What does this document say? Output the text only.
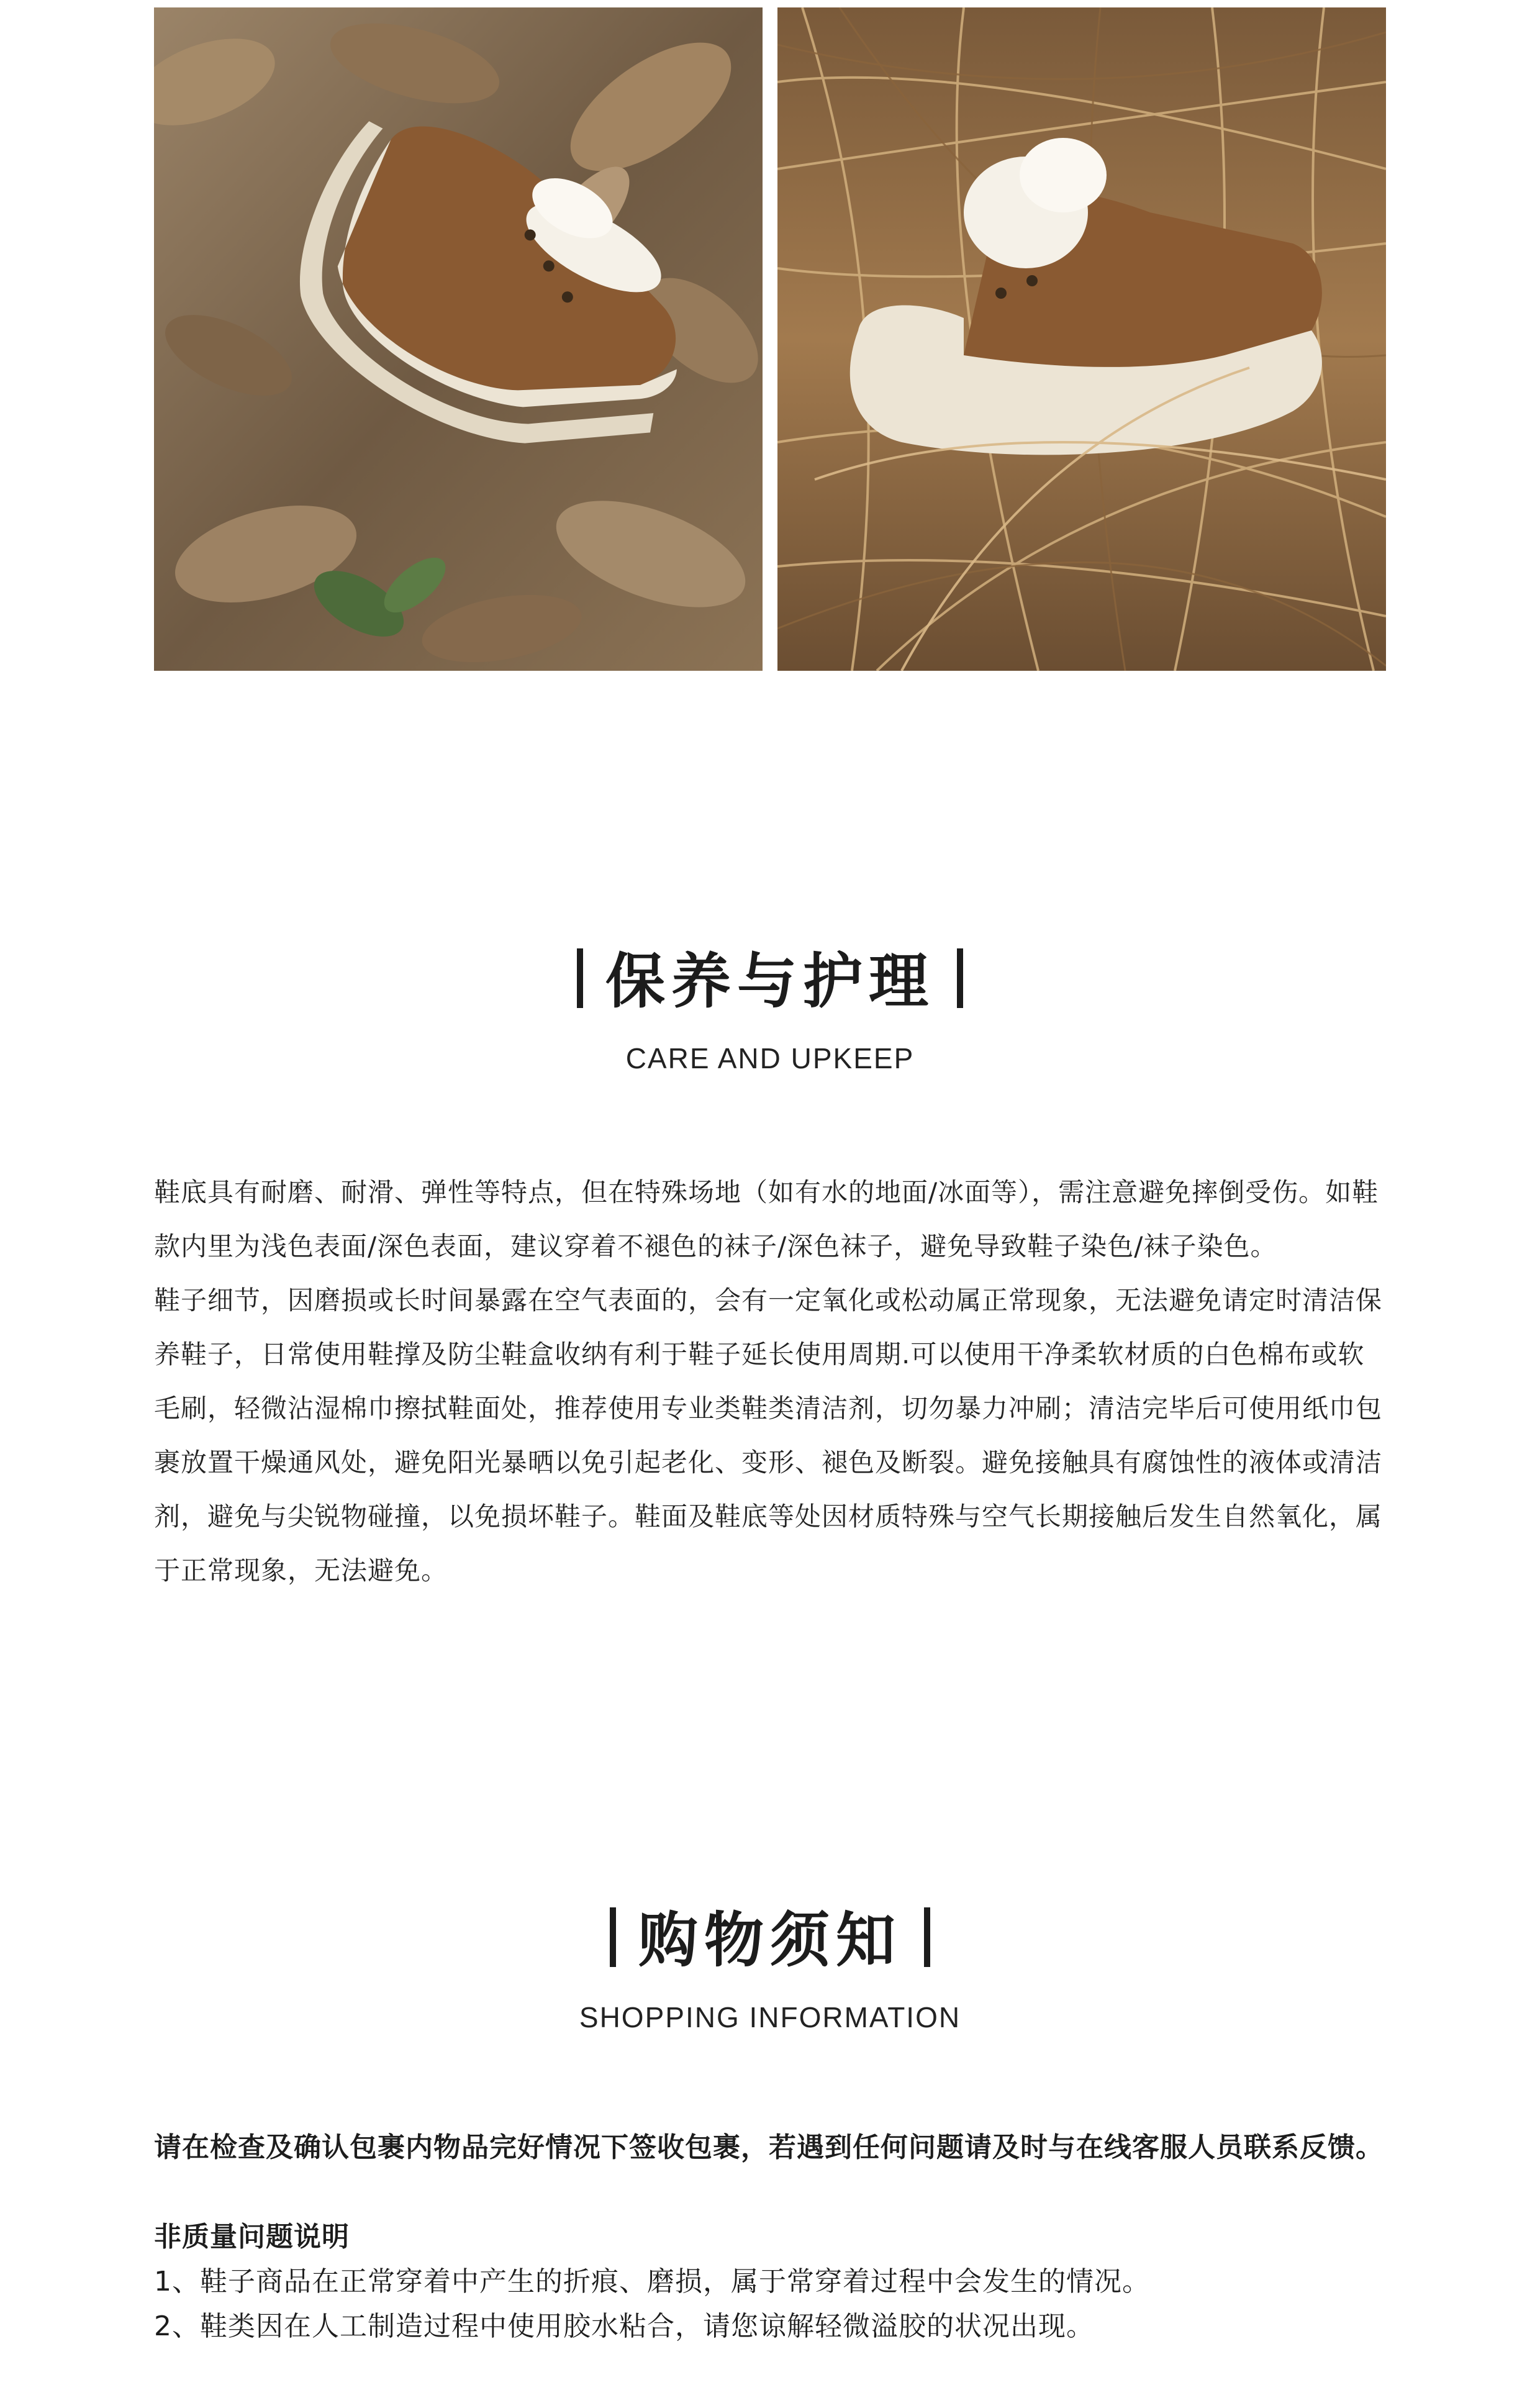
保养与护理
CARE AND UPKEEP

鞋底具有耐磨、耐滑、弹性等特点，但在特殊场地（如有水的地面/冰面等），需注意避免摔倒受伤。如鞋款内里为浅色表面/深色表面，建议穿着不褪色的袜子/深色袜子，避免导致鞋子染色/袜子染色。

鞋子细节，因磨损或长时间暴露在空气表面的，会有一定氧化或松动属正常现象，无法避免请定时清洁保养鞋子，日常使用鞋撑及防尘鞋盒收纳有利于鞋子延长使用周期.可以使用干净柔软材质的白色棉布或软毛刷，轻微沾湿棉巾擦拭鞋面处，推荐使用专业类鞋类清洁剂，切勿暴力冲刷；清洁完毕后可使用纸巾包裹放置干燥通风处，避免阳光暴晒以免引起老化、变形、褪色及断裂。避免接触具有腐蚀性的液体或清洁剂，避免与尖锐物碰撞，以免损坏鞋子。鞋面及鞋底等处因材质特殊与空气长期接触后发生自然氧化，属于正常现象，无法避免。

购物须知
SHOPPING INFORMATION

请在检查及确认包裹内物品完好情况下签收包裹，若遇到任何问题请及时与在线客服人员联系反馈。

非质量问题说明

1、鞋子商品在正常穿着中产生的折痕、磨损，属于常穿着过程中会发生的情况。

2、鞋类因在人工制造过程中使用胶水粘合，请您谅解轻微溢胶的状况出现。
